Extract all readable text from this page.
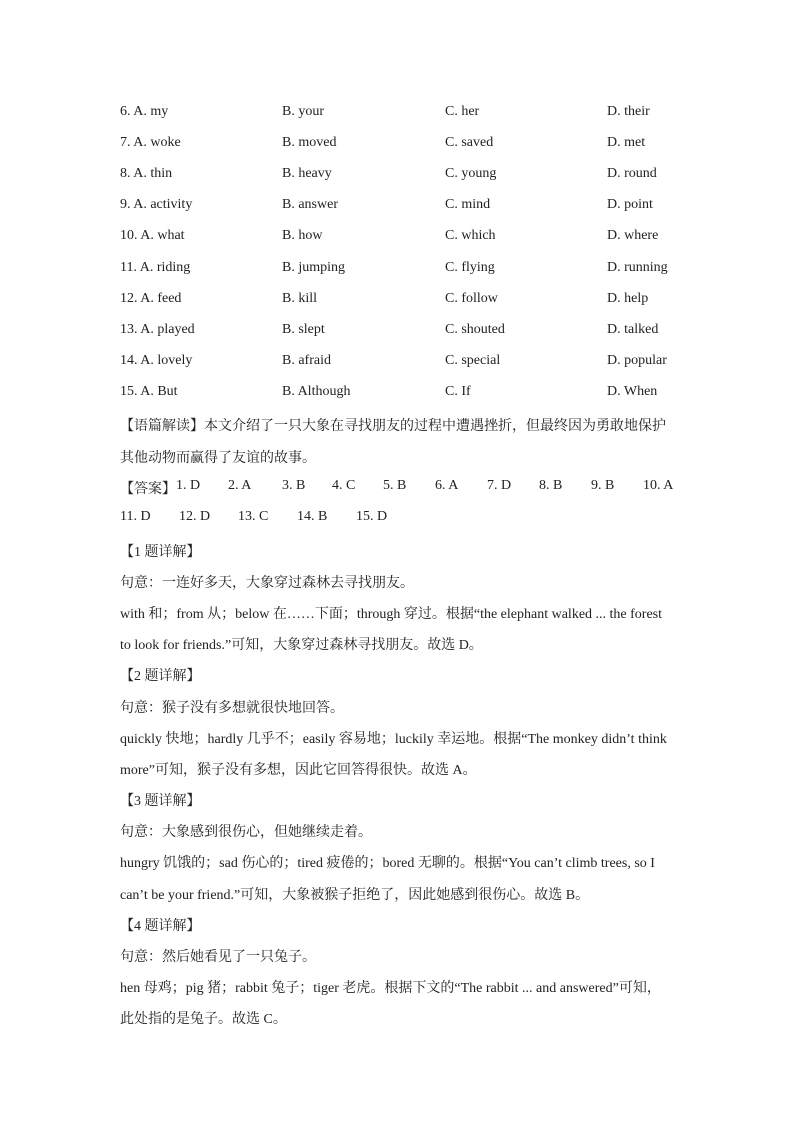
6. A. my	B. your	C. her	D. their
7. A. woke	B. moved	C. saved	D. met
8. A. thin	B. heavy	C. young	D. round
9. A. activity	B. answer	C. mind	D. point
10. A. what	B. how	C. which	D. where
11. A. riding	B. jumping	C. flying	D. running
12. A. feed	B. kill	C. follow	D. help
13. A. played	B. slept	C. shouted	D. talked
14. A. lovely	B. afraid	C. special	D. popular
15. A. But	B. Although	C. If	D. When
【语篇解读】本文介绍了一只大象在寻找朋友的过程中遭遇挫折，但最终因为勇敢地保护
其他动物而赢得了友谊的故事。
【答案】 1. D 2. A 3. B 4. C 5. B 6. A 7. D 8. B 9. B 10. A
11. D 12. D 13. C 14. B 15. D
【1 题详解】
句意：一连好多天，大象穿过森林去寻找朋友。
with 和；from 从；below 在……下面；through 穿过。根据“the elephant walked ... the forest
to look for friends.”可知，大象穿过森林寻找朋友。故选 D。
【2 题详解】
句意：猴子没有多想就很快地回答。
quickly 快地；hardly 几乎不；easily 容易地；luckily 幸运地。根据“The monkey didn’t think
more”可知，猴子没有多想，因此它回答得很快。故选 A。
【3 题详解】
句意：大象感到很伤心，但她继续走着。
hungry 饥饿的；sad 伤心的；tired 疲倦的；bored 无聊的。根据“You can’t climb trees, so I
can’t be your friend.”可知，大象被猴子拒绝了，因此她感到很伤心。故选 B。
【4 题详解】
句意：然后她看见了一只兔子。
hen 母鸡；pig 猪；rabbit 兔子；tiger 老虎。根据下文的“The rabbit ... and answered”可知，
此处指的是兔子。故选 C。
